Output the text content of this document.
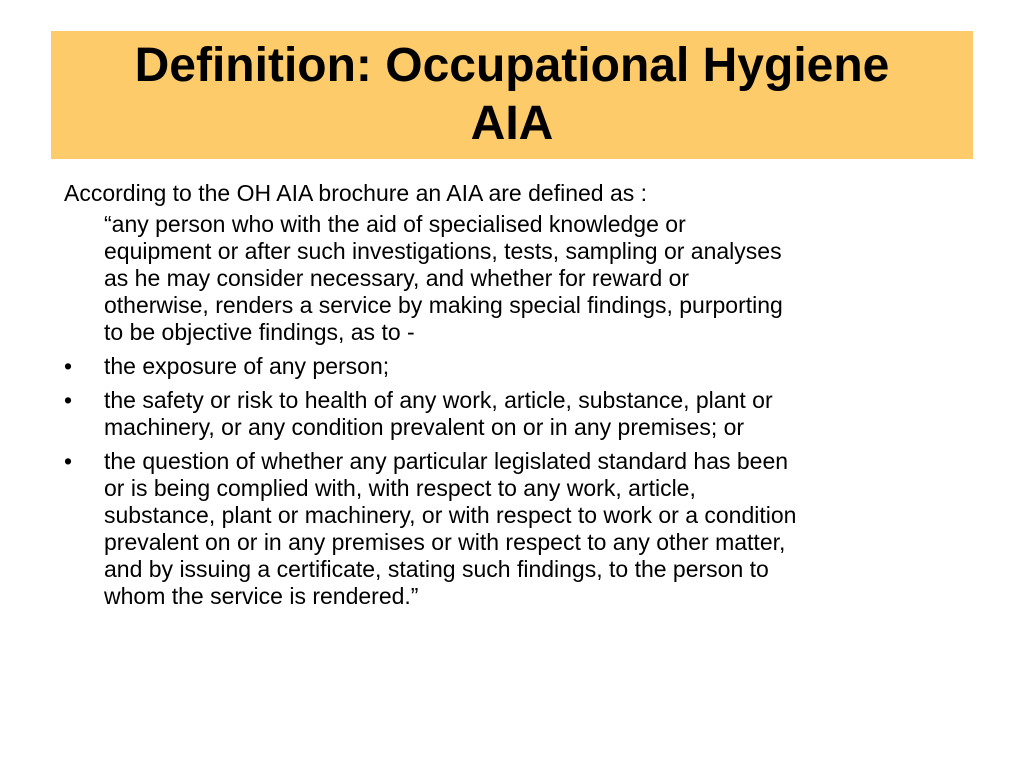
Definition: Occupational Hygiene
AIA

According to the OH AIA brochure an AIA are defined as :

“any person who with the aid of specialised knowledge or
equipment or after such investigations, tests, sampling or analyses
as he may consider necessary, and whether for reward or
otherwise, renders a service by making special findings, purporting
to be objective findings, as to -
•	the exposure of any person;
•	the safety or risk to health of any work, article, substance, plant or
machinery, or any condition prevalent on or in any premises; or
•	the question of whether any particular legislated standard has been
or is being complied with, with respect to any work, article,
substance, plant or machinery, or with respect to work or a condition
prevalent on or in any premises or with respect to any other matter,
and by issuing a certificate, stating such findings, to the person to
whom the service is rendered.”
